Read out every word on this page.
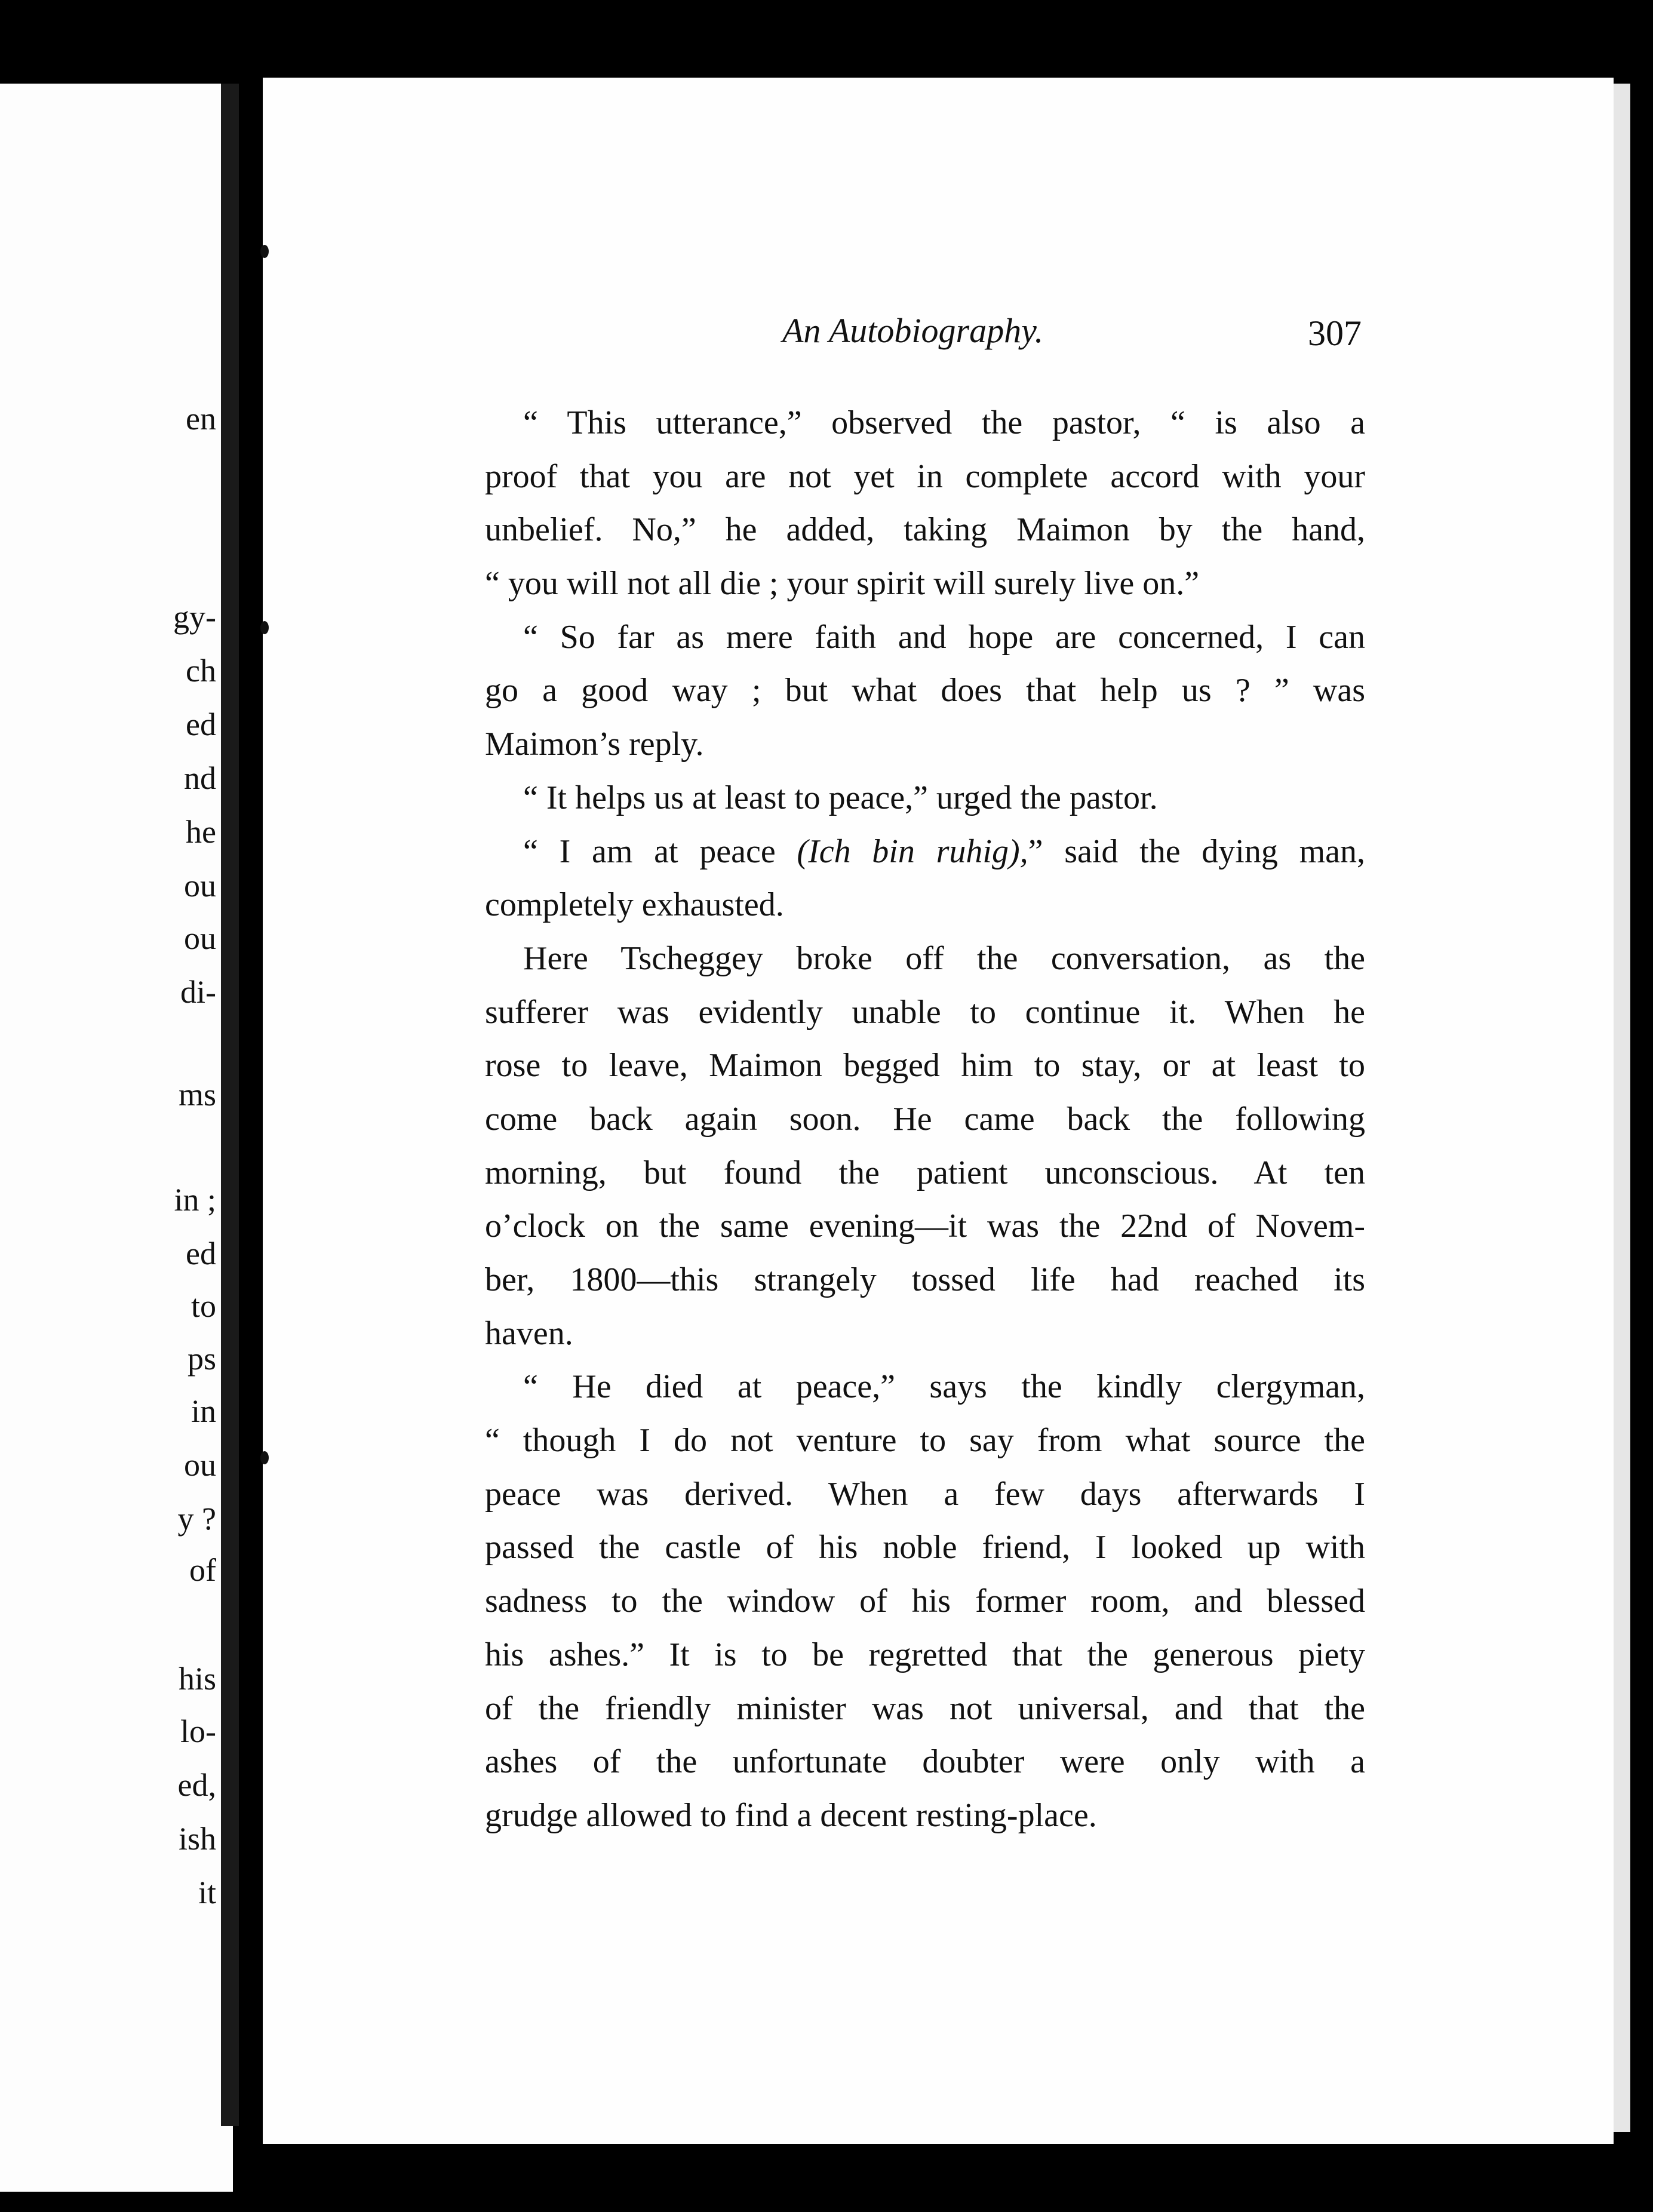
en
gy-
ch
ed
nd
he
ou
ou
di-
ms
in ;
ed
to
ps
in
ou
y ?
of
his
lo-
ed,
ish
it
An Autobiography.	307
“ This utterance,” observed the pastor, “ is also a
proof that you are not yet in complete accord with your
unbelief. No,” he added, taking Maimon by the hand,
“ you will not all die ; your spirit will surely live on.”
“ So far as mere faith and hope are concerned, I can
go a good way ; but what does that help us ? ” was
Maimon’s reply.
“ It helps us at least to peace,” urged the pastor.
“ I am at peace (Ich bin ruhig),” said the dying man,
completely exhausted.
Here Tscheggey broke off the conversation, as the
sufferer was evidently unable to continue it. When he
rose to leave, Maimon begged him to stay, or at least to
come back again soon. He came back the following
morning, but found the patient unconscious. At ten
o’clock on the same evening—it was the 22nd of Novem-
ber, 1800—this strangely tossed life had reached its
haven.
“ He died at peace,” says the kindly clergyman,
“ though I do not venture to say from what source the
peace was derived. When a few days afterwards I
passed the castle of his noble friend, I looked up with
sadness to the window of his former room, and blessed
his ashes.” It is to be regretted that the generous piety
of the friendly minister was not universal, and that the
ashes of the unfortunate doubter were only with a
grudge allowed to find a decent resting-place.
